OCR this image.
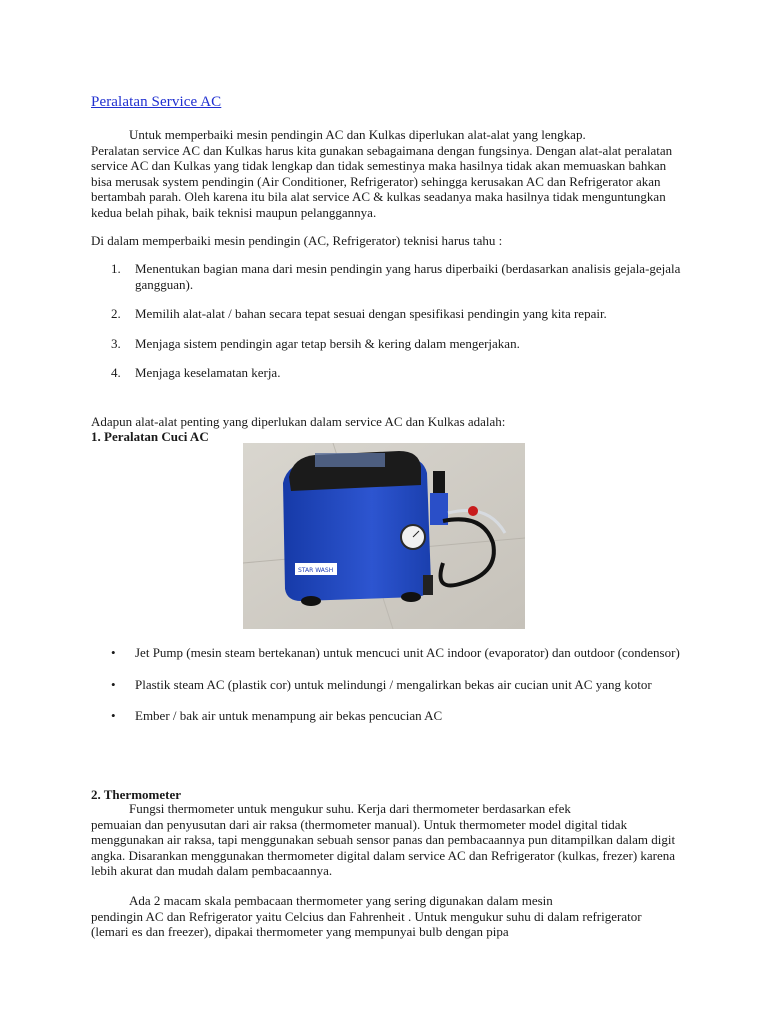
Peralatan Service AC
Untuk memperbaiki mesin pendingin AC dan Kulkas diperlukan alat-alat yang lengkap.
Peralatan service AC dan Kulkas harus kita gunakan sebagaimana dengan fungsinya. Dengan alat-alat peralatan service AC dan Kulkas yang tidak lengkap dan tidak semestinya maka hasilnya tidak akan memuaskan bahkan bisa merusak system pendingin (Air Conditioner, Refrigerator) sehingga kerusakan AC dan Refrigerator akan bertambah parah. Oleh karena itu bila alat service AC & kulkas seadanya maka hasilnya tidak menguntungkan kedua belah pihak, baik teknisi maupun pelanggannya.
Di dalam memperbaiki mesin pendingin (AC, Refrigerator) teknisi harus tahu :
1. Menentukan bagian mana dari mesin pendingin yang harus diperbaiki (berdasarkan analisis gejala-gejala gangguan).
2. Memilih alat-alat / bahan secara tepat sesuai dengan spesifikasi pendingin yang kita repair.
3. Menjaga sistem pendingin agar tetap bersih & kering dalam mengerjakan.
4. Menjaga keselamatan kerja.
Adapun alat-alat penting yang diperlukan dalam service AC dan Kulkas adalah:
1. Peralatan Cuci AC
STAR WASH
• Jet Pump (mesin steam bertekanan) untuk mencuci unit AC indoor (evaporator) dan outdoor (condensor)
• Plastik steam AC (plastik cor) untuk melindungi / mengalirkan bekas air cucian unit AC yang kotor
• Ember / bak air untuk menampung air bekas pencucian AC
2. Thermometer
Fungsi thermometer untuk mengukur suhu. Kerja dari thermometer berdasarkan efek
pemuaian dan penyusutan dari air raksa (thermometer manual). Untuk thermometer model digital tidak menggunakan air raksa, tapi menggunakan sebuah sensor panas dan pembacaannya pun ditampilkan dalam digit angka. Disarankan menggunakan thermometer digital dalam service AC dan Refrigerator (kulkas, frezer) karena lebih akurat dan mudah dalam pembacaannya.
Ada 2 macam skala pembacaan thermometer yang sering digunakan dalam mesin
pendingin AC dan Refrigerator yaitu Celcius dan Fahrenheit . Untuk mengukur suhu di dalam refrigerator (lemari es dan freezer), dipakai thermometer yang mempunyai bulb dengan pipa
